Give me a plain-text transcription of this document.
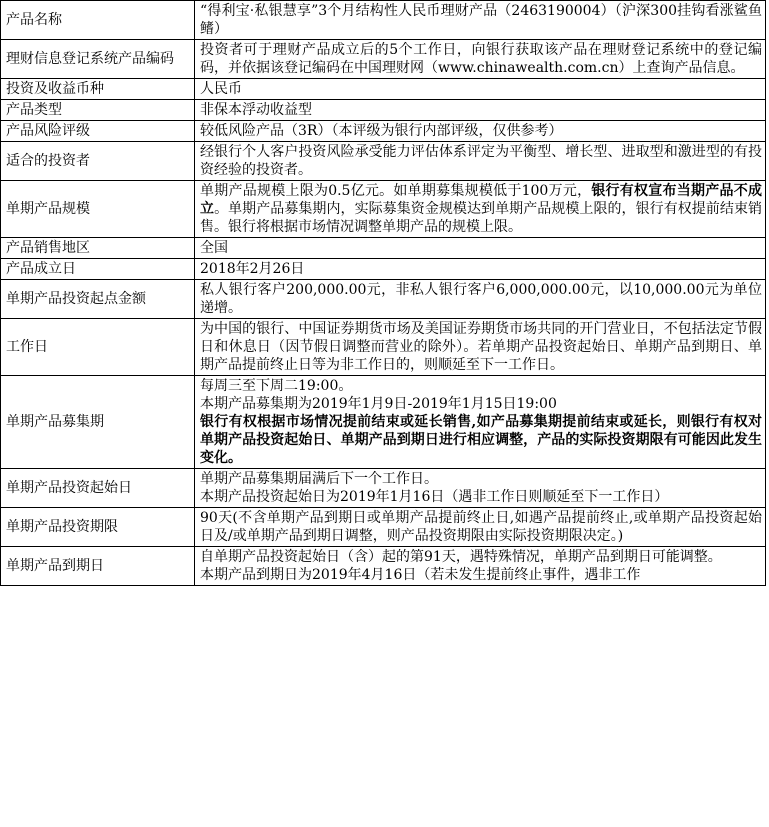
产品名称	“得利宝·私银慧享”3个月结构性人民币理财产品（2463190004）（沪深300挂钩看涨鲨鱼鳍）

理财信息登记系统产品编码	投资者可于理财产品成立后的5个工作日，向银行获取该产品在理财登记系统中的登记编码，并依据该登记编码在中国理财网（www.chinawealth.com.cn）上查询产品信息。

投资及收益币种	人民币

产品类型	非保本浮动收益型

产品风险评级	较低风险产品（3R）（本评级为银行内部评级，仅供参考）

适合的投资者	经银行个人客户投资风险承受能力评估体系评定为平衡型、增长型、进取型和激进型的有投资经验的投资者。

单期产品规模	单期产品规模上限为0.5亿元。如单期募集规模低于100万元，银行有权宣布当期产品不成立。单期产品募集期内，实际募集资金规模达到单期产品规模上限的，银行有权提前结束销售。银行将根据市场情况调整单期产品的规模上限。

产品销售地区	全国

产品成立日	2018年2月26日

单期产品投资起点金额	私人银行客户200,000.00元，非私人银行客户6,000,000.00元，以10,000.00元为单位递增。

工作日	为中国的银行、中国证券期货市场及美国证券期货市场共同的开门营业日，不包括法定节假日和休息日（因节假日调整而营业的除外）。若单期产品投资起始日、单期产品到期日、单期产品提前终止日等为非工作日的，则顺延至下一工作日。

单期产品募集期	每周三至下周二19:00。
本期产品募集期为2019年1月9日-2019年1月15日19:00
银行有权根据市场情况提前结束或延长销售,如产品募集期提前结束或延长，则银行有权对单期产品投资起始日、单期产品到期日进行相应调整，产品的实际投资期限有可能因此发生变化。

单期产品投资起始日	单期产品募集期届满后下一个工作日。
本期产品投资起始日为2019年1月16日（遇非工作日则顺延至下一工作日）

单期产品投资期限	90天(不含单期产品到期日或单期产品提前终止日,如遇产品提前终止,或单期产品投资起始日及/或单期产品到期日调整，则产品投资期限由实际投资期限决定。)

单期产品到期日	自单期产品投资起始日（含）起的第91天，遇特殊情况，单期产品到期日可能调整。
本期产品到期日为2019年4月16日（若未发生提前终止事件，遇非工作
